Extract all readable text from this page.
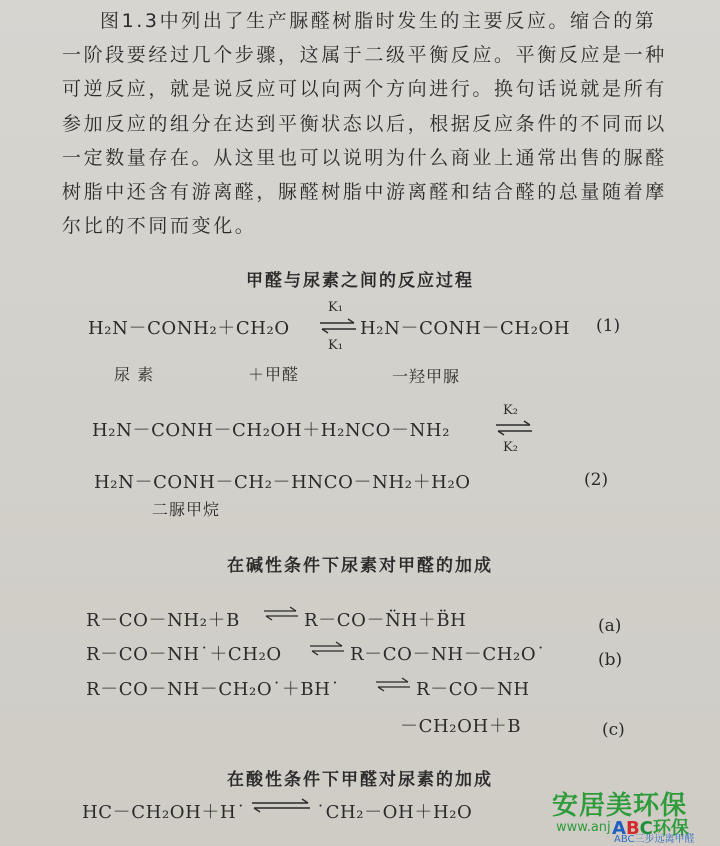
图1.3中列出了生产脲醛树脂时发生的主要反应。缩合的第
一阶段要经过几个步骤，这属于二级平衡反应。平衡反应是一种
可逆反应，就是说反应可以向两个方向进行。换句话说就是所有
参加反应的组分在达到平衡状态以后，根据反应条件的不同而以
一定数量存在。从这里也可以说明为什么商业上通常出售的脲醛
树脂中还含有游离醛，脲醛树脂中游离醛和结合醛的总量随着摩
尔比的不同而变化。
甲醛与尿素之间的反应过程
H₂N－CONH₂＋CH₂O
K₁
K₁
H₂N－CONH－CH₂OH (1)
尿 素	＋甲醛	一羟甲脲
H₂N－CONH－CH₂OH＋H₂NCO－NH₂
K₂
K₂
H₂N－CONH－CH₂－HNCO－NH₂＋H₂O	(2)
二脲甲烷
在碱性条件下尿素对甲醛的加成
R－CO－NH₂＋B ⇌ R－CO－N̈H＋B̈H	(a)
R－CO－NH˙＋CH₂O ⇌ R－CO－NH－CH₂O˙	(b)
R－CO－NH－CH₂O˙＋BH˙ ⇌ R－CO－NH
－CH₂OH＋B	(c)
在酸性条件下甲醛对尿素的加成
HC－CH₂OH＋H˙ ⇌ ˙CH₂－OH＋H₂O	安居美环保
www.anj ABC环保
ABC三步远离甲醛
